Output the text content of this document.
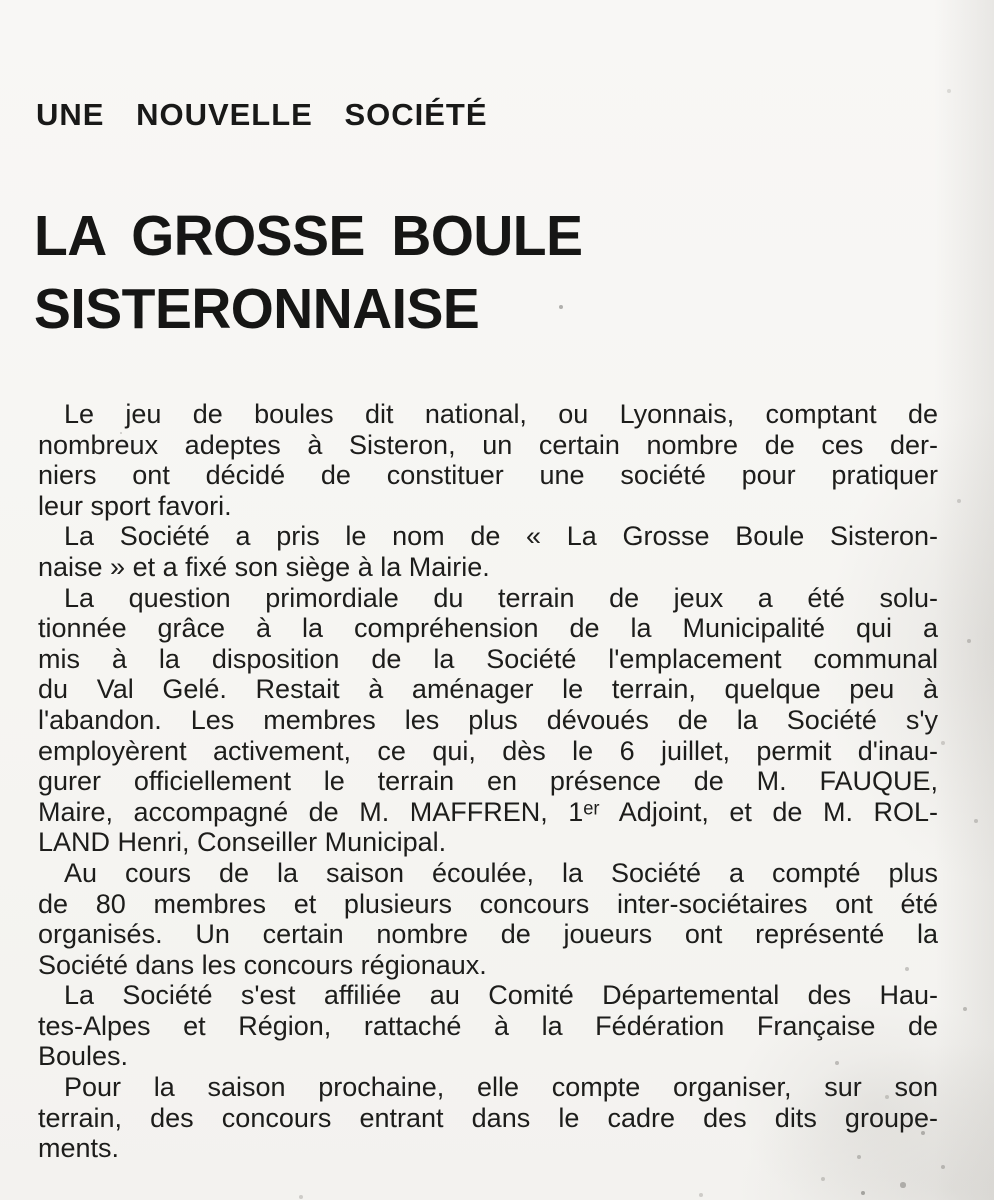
UNE NOUVELLE SOCIÉTÉ
LA GROSSE BOULE
SISTERONNAISE
Le jeu de boules dit national, ou Lyonnais, comptant de
nombreux adeptes à Sisteron, un certain nombre de ces der-
niers ont décidé de constituer une société pour pratiquer
leur sport favori.
La Société a pris le nom de « La Grosse Boule Sisteron-
naise » et a fixé son siège à la Mairie.
La question primordiale du terrain de jeux a été solu-
tionnée grâce à la compréhension de la Municipalité qui a
mis à la disposition de la Société l'emplacement communal
du Val Gelé. Restait à aménager le terrain, quelque peu à
l'abandon. Les membres les plus dévoués de la Société s'y
employèrent activement, ce qui, dès le 6 juillet, permit d'inau-
gurer officiellement le terrain en présence de M. FAUQUE,
Maire, accompagné de M. MAFFREN, 1ᵉʳ Adjoint, et de M. ROL-
LAND Henri, Conseiller Municipal.
Au cours de la saison écoulée, la Société a compté plus
de 80 membres et plusieurs concours inter-sociétaires ont été
organisés. Un certain nombre de joueurs ont représenté la
Société dans les concours régionaux.
La Société s'est affiliée au Comité Départemental des Hau-
tes-Alpes et Région, rattaché à la Fédération Française de
Boules.
Pour la saison prochaine, elle compte organiser, sur son
terrain, des concours entrant dans le cadre des dits groupe-
ments.
